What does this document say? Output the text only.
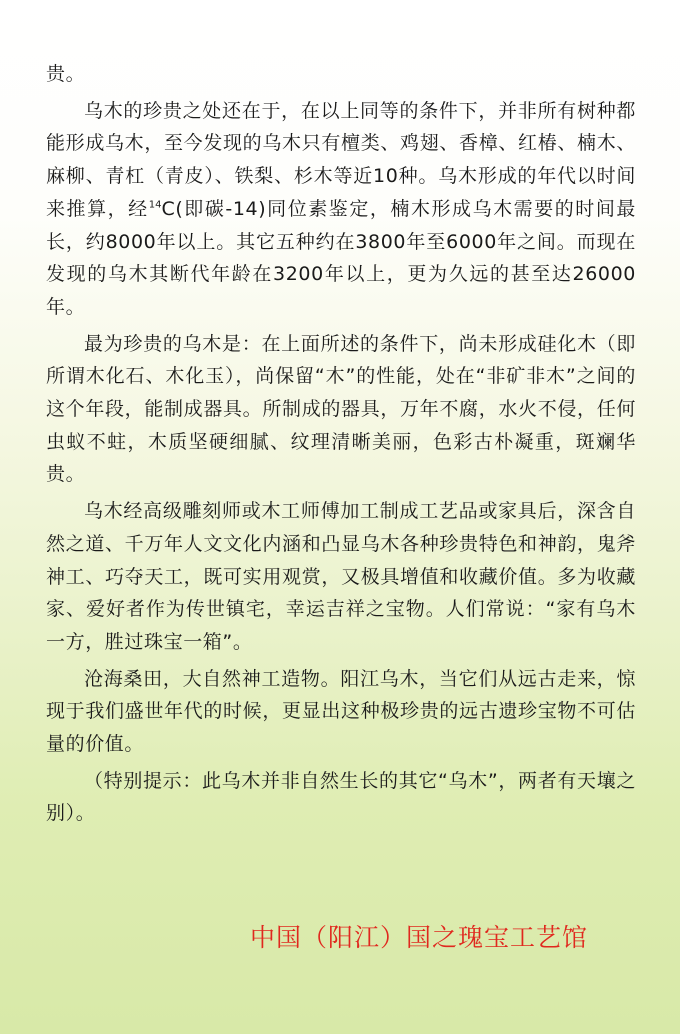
贵。

乌木的珍贵之处还在于，在以上同等的条件下，并非所有树种都能形成乌木，至今发现的乌木只有檀类、鸡翅、香樟、红椿、楠木、麻柳、青杠（青皮）、铁梨、杉木等近10种。乌木形成的年代以时间来推算，经$^{14}$C(即碳-14)同位素鉴定，楠木形成乌木需要的时间最长，约8000年以上。其它五种约在3800年至6000年之间。而现在发现的乌木其断代年龄在3200年以上，更为久远的甚至达26000年。

最为珍贵的乌木是：在上面所述的条件下，尚未形成硅化木（即所谓木化石、木化玉），尚保留“木”的性能，处在“非矿非木”之间的这个年段，能制成器具。所制成的器具，万年不腐，水火不侵，任何虫蚁不蛀，木质坚硬细腻、纹理清晰美丽，色彩古朴凝重，斑斓华贵。

乌木经高级雕刻师或木工师傅加工制成工艺品或家具后，深含自然之道、千万年人文文化内涵和凸显乌木各种珍贵特色和神韵，鬼斧神工、巧夺天工，既可实用观赏，又极具增值和收藏价值。多为收藏家、爱好者作为传世镇宅，幸运吉祥之宝物。人们常说：“家有乌木一方，胜过珠宝一箱”。

沧海桑田，大自然神工造物。阳江乌木，当它们从远古走来，惊现于我们盛世年代的时候，更显出这种极珍贵的远古遗珍宝物不可估量的价值。

（特别提示：此乌木并非自然生长的其它“乌木”，两者有天壤之别）。

中国（阳江）国之瑰宝工艺馆
